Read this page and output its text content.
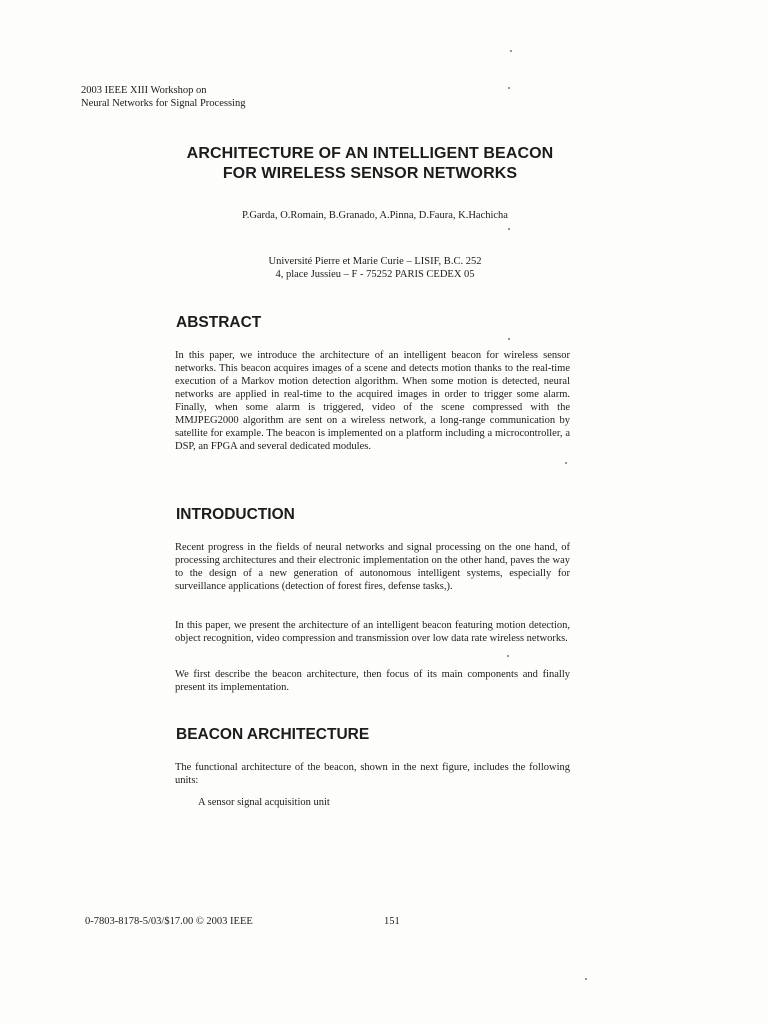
2003 IEEE XIII Workshop on
Neural Networks for Signal Processing
ARCHITECTURE OF AN INTELLIGENT BEACON
FOR WIRELESS SENSOR NETWORKS
P.Garda, O.Romain, B.Granado, A.Pinna, D.Faura, K.Hachicha
Université Pierre et Marie Curie – LISIF, B.C. 252
4, place Jussieu – F - 75252 PARIS CEDEX 05
ABSTRACT
In this paper, we introduce the architecture of an intelligent beacon for wireless sensor networks. This beacon acquires images of a scene and detects motion thanks to the real-time execution of a Markov motion detection algorithm. When some motion is detected, neural networks are applied in real-time to the acquired images in order to trigger some alarm. Finally, when some alarm is triggered, video of the scene compressed with the MMJPEG2000 algorithm are sent on a wireless network, a long-range communication by satellite for example. The beacon is implemented on a platform including a microcontroller, a DSP, an FPGA and several dedicated modules.
INTRODUCTION
Recent progress in the fields of neural networks and signal processing on the one hand, of processing architectures and their electronic implementation on the other hand, paves the way to the design of a new generation of autonomous intelligent systems, especially for surveillance applications (detection of forest fires, defense tasks,).
In this paper, we present the architecture of an intelligent beacon featuring motion detection, object recognition, video compression and transmission over low data rate wireless networks.
We first describe the beacon architecture, then focus of its main components and finally present its implementation.
BEACON ARCHITECTURE
The functional architecture of the beacon, shown in the next figure, includes the following units:
A sensor signal acquisition unit
0-7803-8178-5/03/$17.00 © 2003 IEEE	151
